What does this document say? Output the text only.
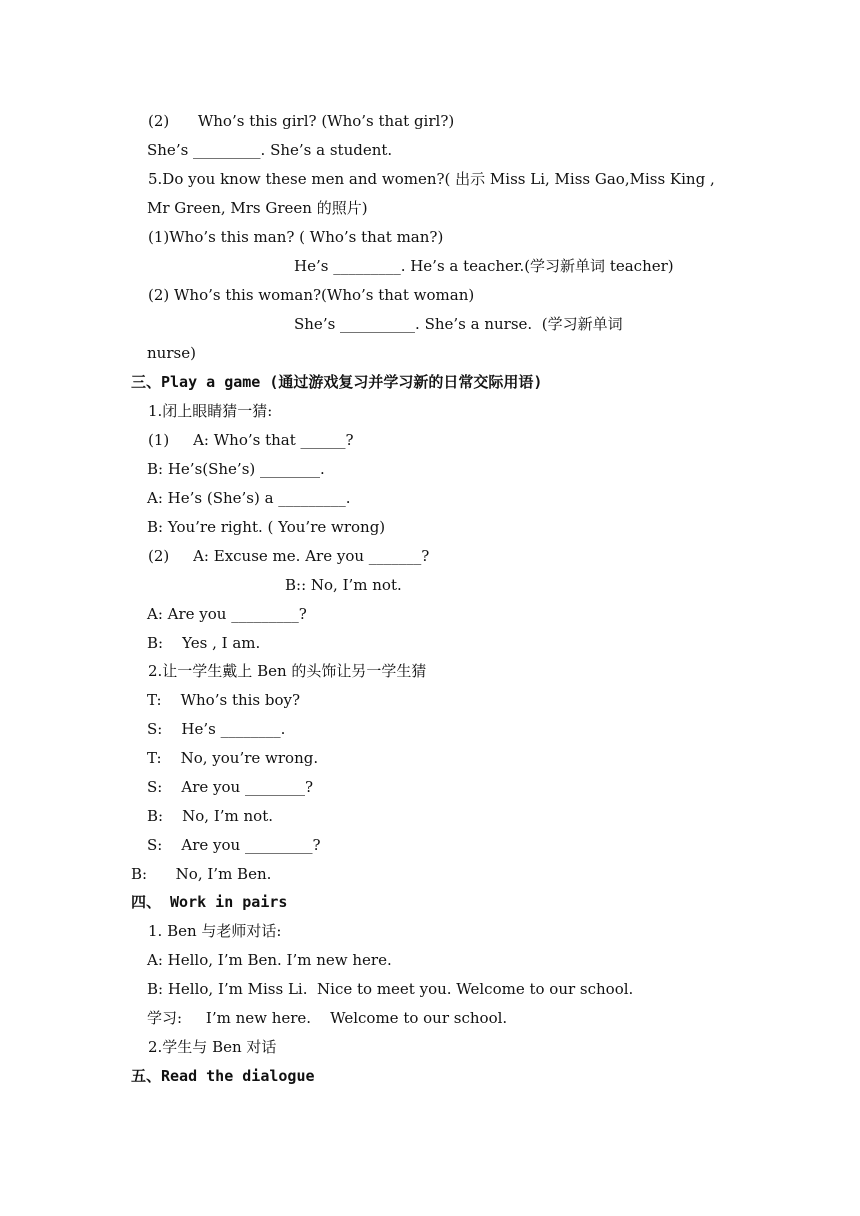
(2)      Who’s this girl? (Who’s that girl?)
She’s _________. She’s a student.
5.Do you know these men and women?( 出示 Miss Li, Miss Gao,Miss King ,
Mr Green, Mrs Green 的照片)
(1)Who’s this man? ( Who’s that man?)
He’s _________. He’s a teacher.(学习新单词 teacher)
(2) Who’s this woman?(Who’s that woman)
She’s __________. She’s a nurse.  (学习新单词
nurse)
三、Play a game (通过游戏复习并学习新的日常交际用语)
1.闭上眼睛猜一猜:
(1)     A: Who’s that ______?
B: He’s(She’s) ________.
A: He’s (She’s) a _________.
B: You’re right. ( You’re wrong)
(2)     A: Excuse me. Are you _______?
B:: No, I’m not.
A: Are you _________?
B:    Yes , I am.
2.让一学生戴上 Ben 的头饰让另一学生猜
T:    Who’s this boy?
S:    He’s ________.
T:    No, you’re wrong.
S:    Are you ________?
B:    No, I’m not.
S:    Are you _________?
B:      No, I’m Ben.
四、 Work in pairs
1. Ben 与老师对话:
A: Hello, I’m Ben. I’m new here.
B: Hello, I’m Miss Li.  Nice to meet you. Welcome to our school.
学习:     I’m new here.    Welcome to our school.
2.学生与 Ben 对话
五、Read the dialogue
